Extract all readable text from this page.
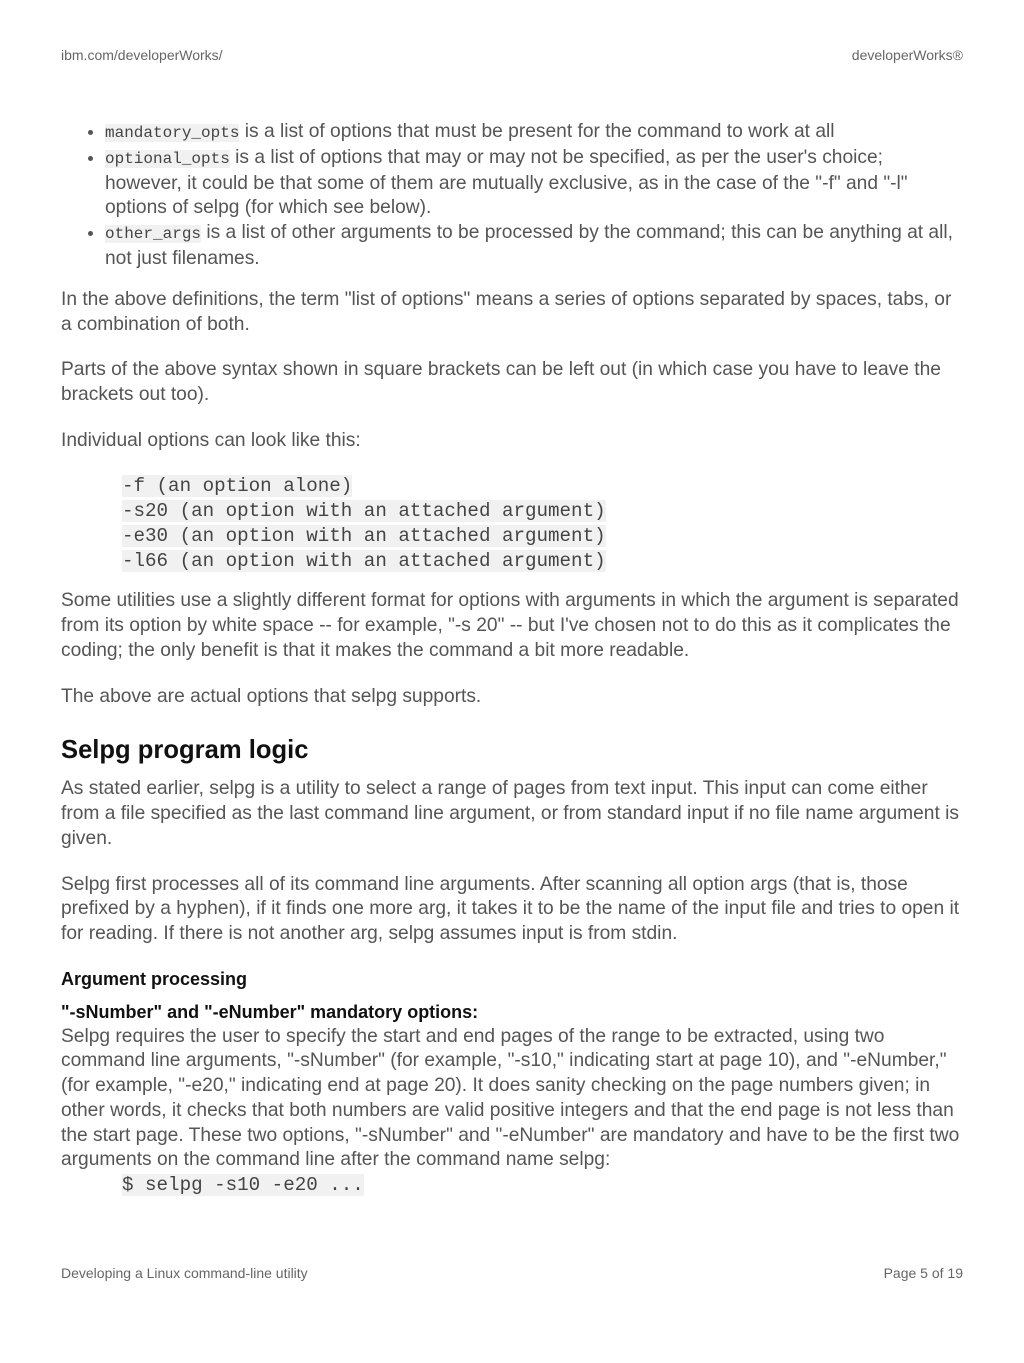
ibm.com/developerWorks/	developerWorks®
• mandatory_opts is a list of options that must be present for the command to work at all
• optional_opts is a list of options that may or may not be specified, as per the user's choice; however, it could be that some of them are mutually exclusive, as in the case of the "-f" and "-l" options of selpg (for which see below).
• other_args is a list of other arguments to be processed by the command; this can be anything at all, not just filenames.

In the above definitions, the term "list of options" means a series of options separated by spaces, tabs, or a combination of both.

Parts of the above syntax shown in square brackets can be left out (in which case you have to leave the brackets out too).

Individual options can look like this:

-f (an option alone)
-s20 (an option with an attached argument)
-e30 (an option with an attached argument)
-l66 (an option with an attached argument)

Some utilities use a slightly different format for options with arguments in which the argument is separated from its option by white space -- for example, "-s 20" -- but I've chosen not to do this as it complicates the coding; the only benefit is that it makes the command a bit more readable.

The above are actual options that selpg supports.

Selpg program logic

As stated earlier, selpg is a utility to select a range of pages from text input. This input can come either from a file specified as the last command line argument, or from standard input if no file name argument is given.

Selpg first processes all of its command line arguments. After scanning all option args (that is, those prefixed by a hyphen), if it finds one more arg, it takes it to be the name of the input file and tries to open it for reading. If there is not another arg, selpg assumes input is from stdin.

Argument processing
"-sNumber" and "-eNumber" mandatory options:
Selpg requires the user to specify the start and end pages of the range to be extracted, using two command line arguments, "-sNumber" (for example, "-s10," indicating start at page 10), and "-eNumber," (for example, "-e20," indicating end at page 20). It does sanity checking on the page numbers given; in other words, it checks that both numbers are valid positive integers and that the end page is not less than the start page. These two options, "-sNumber" and "-eNumber" are mandatory and have to be the first two arguments on the command line after the command name selpg:
$ selpg -s10 -e20 ...
Developing a Linux command-line utility	Page 5 of 19
